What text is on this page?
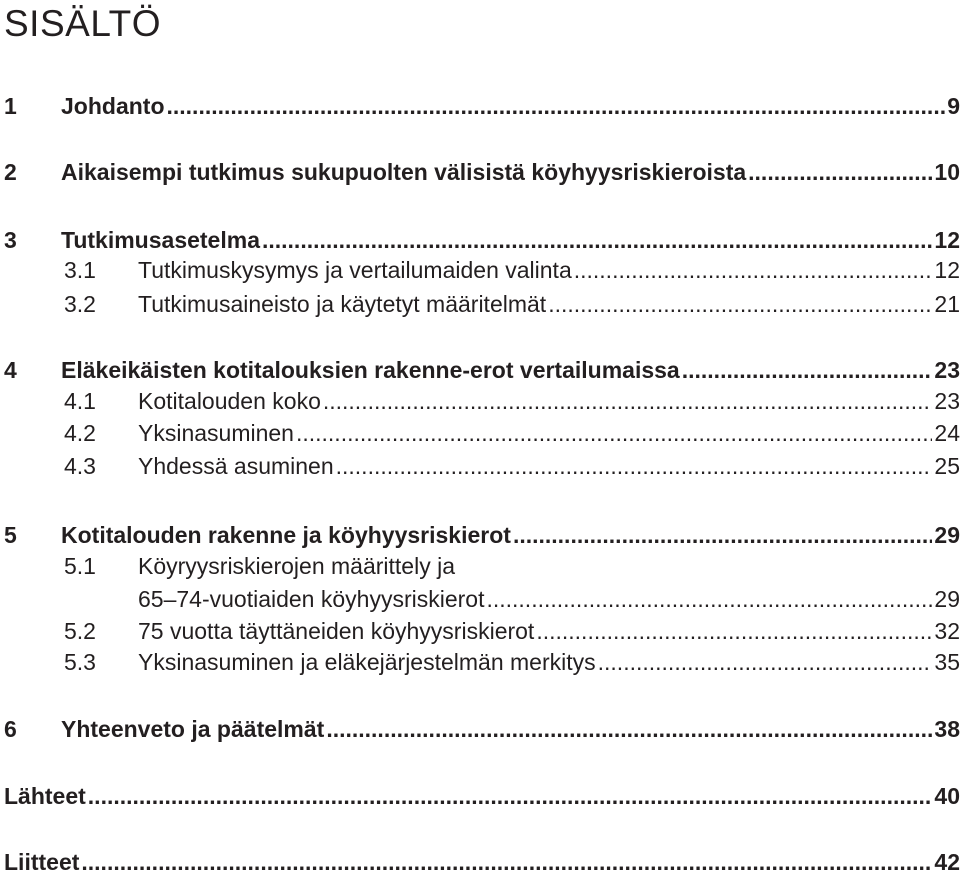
SISÄLTÖ
1	Johdanto .....	9
2	Aikaisempi tutkimus sukupuolten välisistä köyhyysriskieroista .....	10
3	Tutkimusasetelma .....	12
3.1	Tutkimuskysymys ja vertailumaiden valinta .....	12
3.2	Tutkimusaineisto ja käytetyt määritelmät .....	21
4	Eläkeikäisten kotitalouksien rakenne-erot vertailumaissa .....	23
4.1	Kotitalouden koko .....	23
4.2	Yksinasuminen .....	24
4.3	Yhdessä asuminen .....	25
5	Kotitalouden rakenne ja köyhyysriskierot .....	29
5.1	Köyryysriskierojen määrittely ja
65–74-vuotiaiden köyhyysriskierot .....	29
5.2	75 vuotta täyttäneiden köyhyysriskierot .....	32
5.3	Yksinasuminen ja eläkejärjestelmän merkitys .....	35
6	Yhteenveto ja päätelmät .....	38
Lähteet .....	40
Liitteet .....	42
